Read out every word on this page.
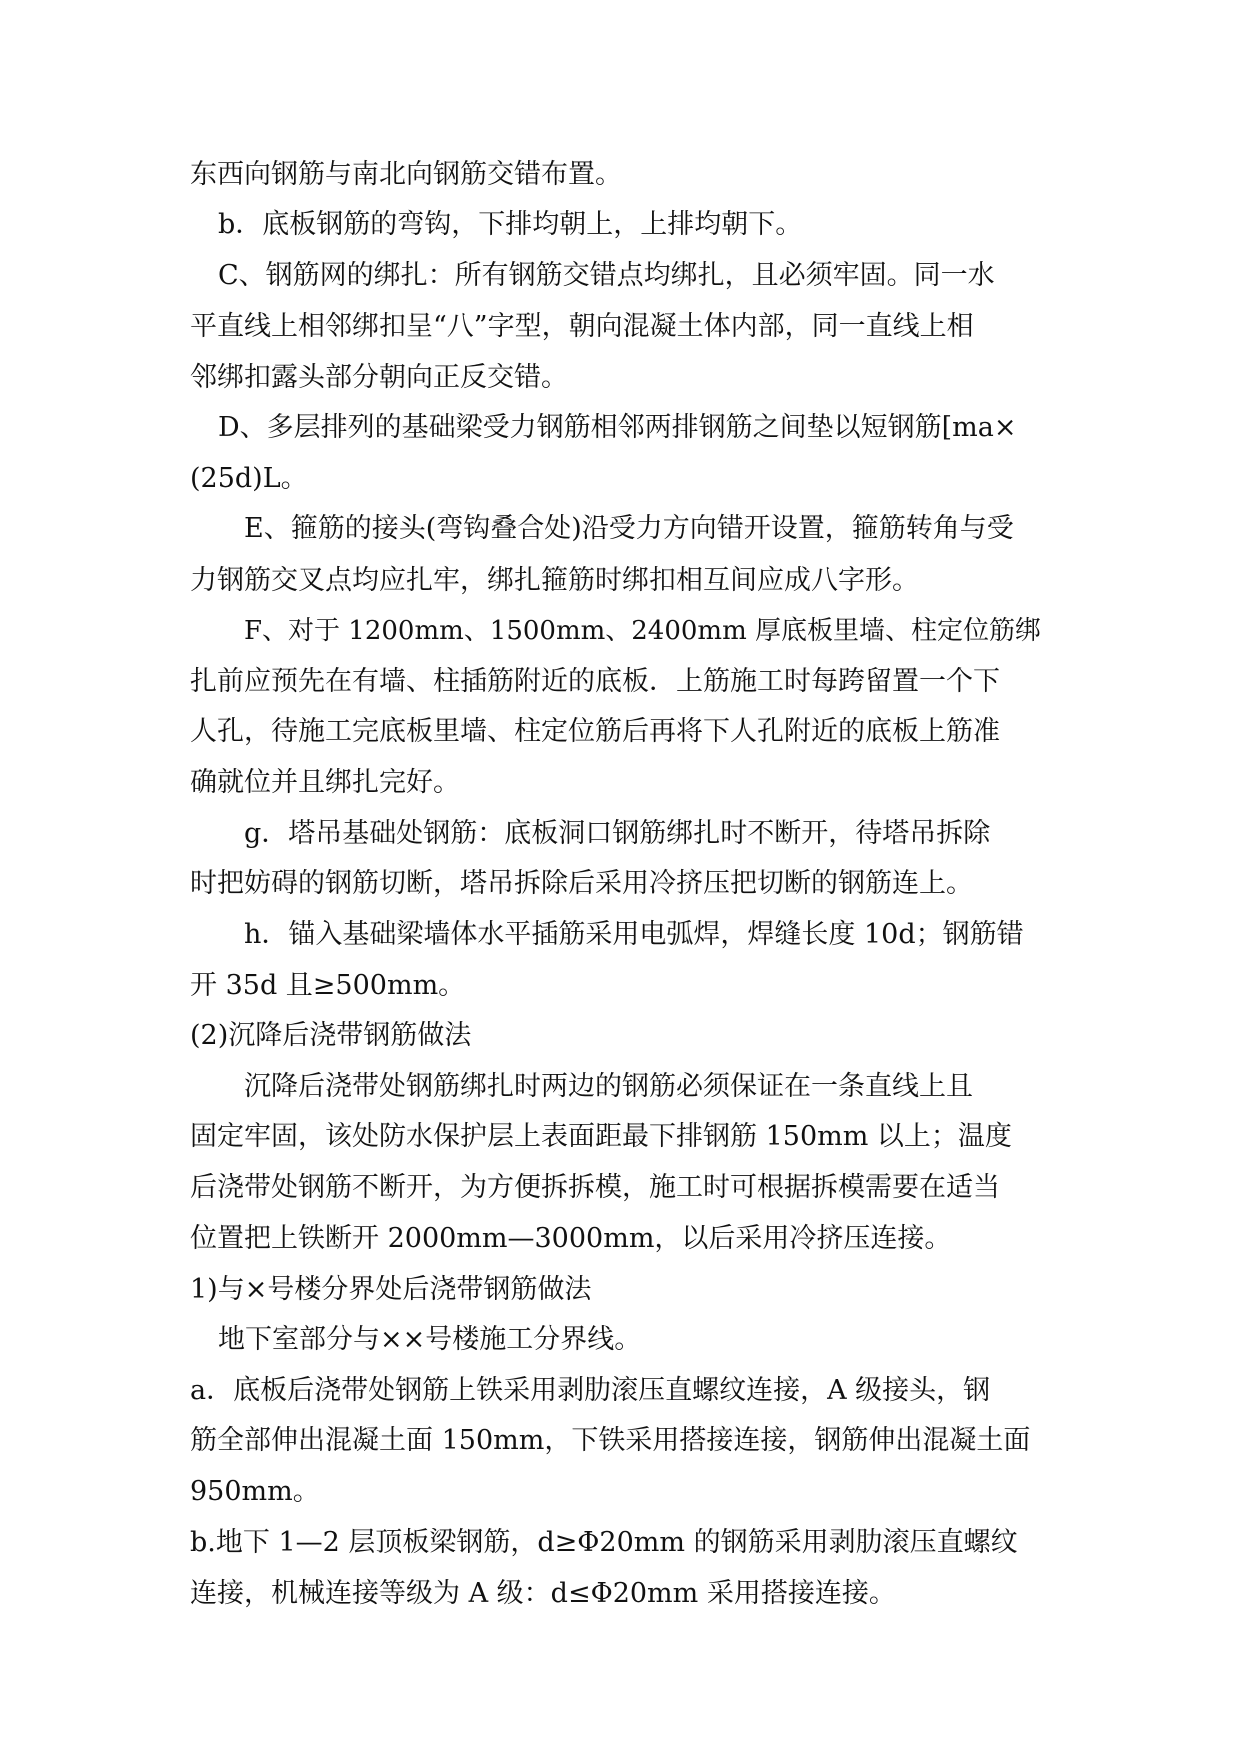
东西向钢筋与南北向钢筋交错布置。
b．底板钢筋的弯钩，下排均朝上，上排均朝下。
C、钢筋网的绑扎：所有钢筋交错点均绑扎，且必须牢固。同一水
平直线上相邻绑扣呈“八”字型，朝向混凝土体内部，同一直线上相
邻绑扣露头部分朝向正反交错。
D、多层排列的基础梁受力钢筋相邻两排钢筋之间垫以短钢筋[ma×
(25d)L。
E、箍筋的接头(弯钩叠合处)沿受力方向错开设置，箍筋转角与受
力钢筋交叉点均应扎牢，绑扎箍筋时绑扣相互间应成八字形。
F、对于 1200mm、1500mm、2400mm 厚底板里墙、柱定位筋绑
扎前应预先在有墙、柱插筋附近的底板．上筋施工时每跨留置一个下
人孔，待施工完底板里墙、柱定位筋后再将下人孔附近的底板上筋准
确就位并且绑扎完好。
g．塔吊基础处钢筋：底板洞口钢筋绑扎时不断开，待塔吊拆除
时把妨碍的钢筋切断，塔吊拆除后采用冷挤压把切断的钢筋连上。
h．锚入基础梁墙体水平插筋采用电弧焊，焊缝长度 10d；钢筋错
开 35d 且≥500mm。
(2)沉降后浇带钢筋做法
沉降后浇带处钢筋绑扎时两边的钢筋必须保证在一条直线上且
固定牢固，该处防水保护层上表面距最下排钢筋 150mm 以上；温度
后浇带处钢筋不断开，为方便拆拆模，施工时可根据拆模需要在适当
位置把上铁断开 2000mm—3000mm，以后采用冷挤压连接。
1)与×号楼分界处后浇带钢筋做法
地下室部分与××号楼施工分界线。
a．底板后浇带处钢筋上铁采用剥肋滚压直螺纹连接，A 级接头，钢
筋全部伸出混凝土面 150mm，下铁采用搭接连接，钢筋伸出混凝土面
950mm。
b.地下 1—2 层顶板梁钢筋，d≥Φ20mm 的钢筋采用剥肋滚压直螺纹
连接，机械连接等级为 A 级：d≤Φ20mm 采用搭接连接。
